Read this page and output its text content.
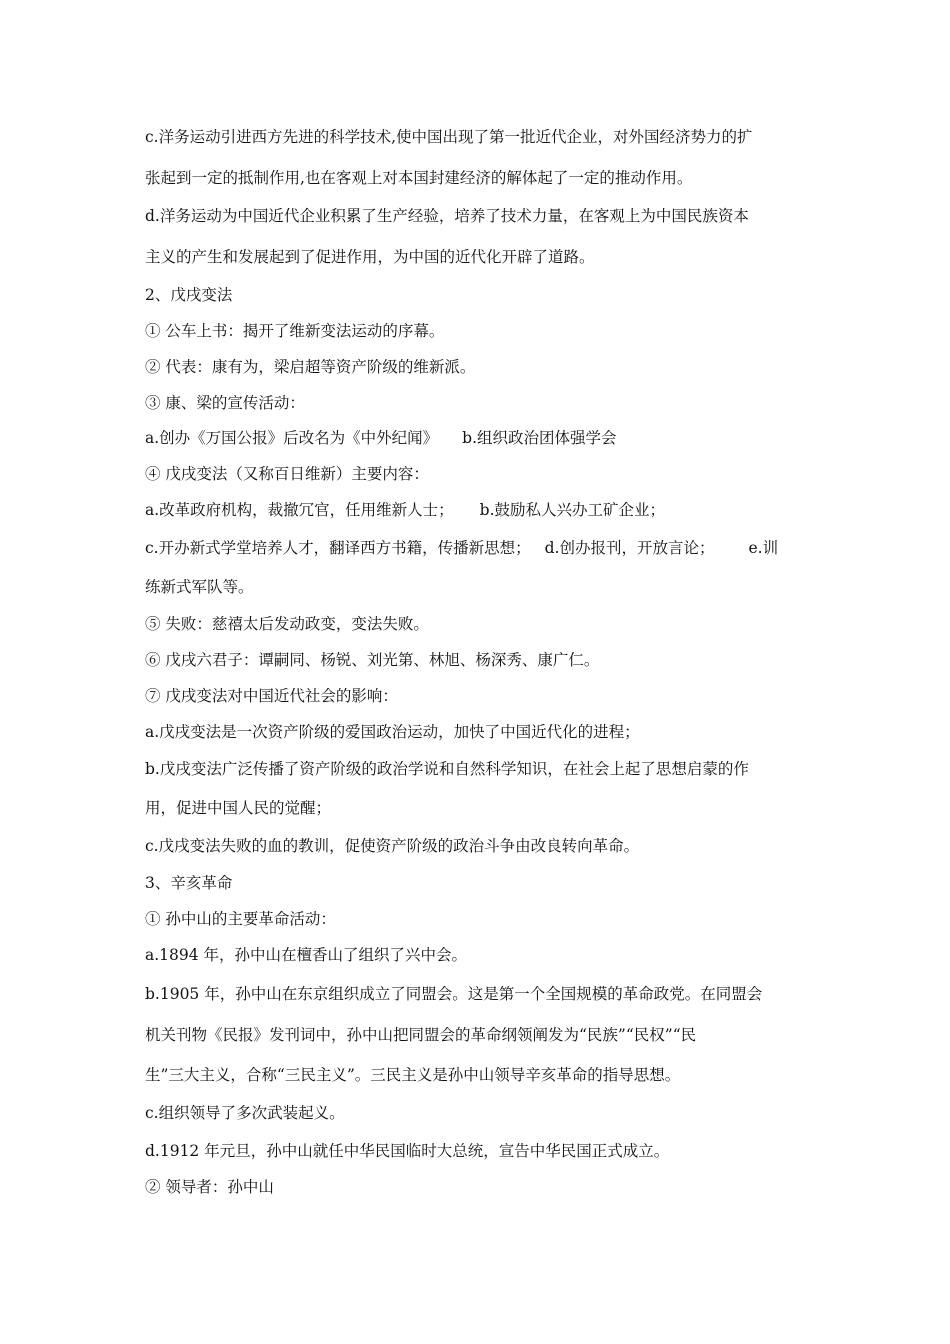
c.洋务运动引进西方先进的科学技术,使中国出现了第一批近代企业，对外国经济势力的扩
张起到一定的抵制作用,也在客观上对本国封建经济的解体起了一定的推动作用。
d.洋务运动为中国近代企业积累了生产经验，培养了技术力量，在客观上为中国民族资本
主义的产生和发展起到了促进作用，为中国的近代化开辟了道路。
2、戊戌变法
① 公车上书：揭开了维新变法运动的序幕。
② 代表：康有为，梁启超等资产阶级的维新派。
③ 康、梁的宣传活动：
a.创办《万国公报》后改名为《中外纪闻》 b.组织政治团体强学会
④ 戊戌变法（又称百日维新）主要内容：
a.改革政府机构，裁撤冗官，任用维新人士； b.鼓励私人兴办工矿企业；
c.开办新式学堂培养人才，翻译西方书籍，传播新思想； d.创办报刊，开放言论； e.训
练新式军队等。
⑤ 失败：慈禧太后发动政变，变法失败。
⑥ 戊戌六君子：谭嗣同、杨锐、刘光第、林旭、杨深秀、康广仁。
⑦ 戊戌变法对中国近代社会的影响：
a.戊戌变法是一次资产阶级的爱国政治运动，加快了中国近代化的进程；
b.戊戌变法广泛传播了资产阶级的政治学说和自然科学知识，在社会上起了思想启蒙的作
用，促进中国人民的觉醒；
c.戊戌变法失败的血的教训，促使资产阶级的政治斗争由改良转向革命。
3、辛亥革命
① 孙中山的主要革命活动：
a.1894 年，孙中山在檀香山了组织了兴中会。
b.1905 年，孙中山在东京组织成立了同盟会。这是第一个全国规模的革命政党。在同盟会
机关刊物《民报》发刊词中，孙中山把同盟会的革命纲领阐发为“民族”“民权”“民
生”三大主义，合称“三民主义”。三民主义是孙中山领导辛亥革命的指导思想。
c.组织领导了多次武装起义。
d.1912 年元旦，孙中山就任中华民国临时大总统，宣告中华民国正式成立。
② 领导者：孙中山
